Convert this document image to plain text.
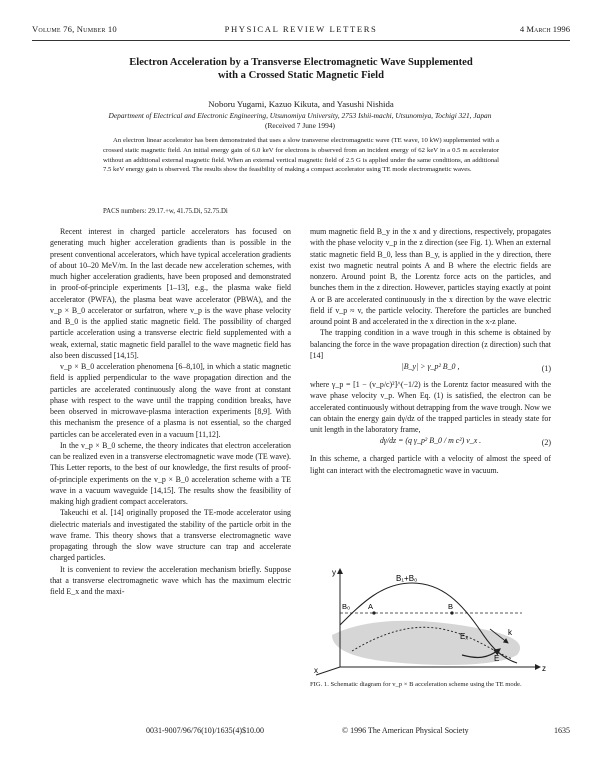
Volume 76, Number 10	PHYSICAL REVIEW LETTERS	4 March 1996
Electron Acceleration by a Transverse Electromagnetic Wave Supplemented
with a Crossed Static Magnetic Field
Noboru Yugami, Kazuo Kikuta, and Yasushi Nishida
Department of Electrical and Electronic Engineering, Utsunomiya University, 2753 Ishii-machi, Utsunomiya, Tochigi 321, Japan
(Received 7 June 1994)

An electron linear accelerator has been demonstrated that uses a slow transverse electromagnetic wave (TE wave, 10 kW) supplemented with a crossed static magnetic field. An initial energy gain of 6.0 keV for electrons is observed from an incident energy of 62 keV in a 0.5 m accelerator without an additional external magnetic field. When an external vertical magnetic field of 2.5 G is applied under the same conditions, an additional 7.5 keV energy gain is observed. The results show the feasibility of making a compact accelerator using TE mode electromagnetic waves.

PACS numbers: 29.17.+w, 41.75.Di, 52.75.Di

Recent interest in charged particle accelerators has focused on generating much higher acceleration gradients than is possible in the present conventional accelerators, which have typical acceleration gradients of about 10–20 MeV/m. In the last decade new acceleration schemes, with much higher acceleration gradients, have been proposed and demonstrated in proof-of-principle experiments [1–13], e.g., the plasma wake field accelerator (PWFA), the plasma beat wave accelerator (PBWA), and the v_p × B_0 accelerator or surfatron, where v_p is the wave phase velocity and B_0 is the applied static magnetic field. The possibility of charged particle acceleration using a transverse electric field supplemented with a weak, external, static magnetic field parallel to the wave magnetic field has also been discussed [14,15].

v_p × B_0 acceleration phenomena [6–8,10], in which a static magnetic field is applied perpendicular to the wave propagation direction and the particles are accelerated continuously along the wave front at constant phase with respect to the wave until the trapping condition breaks, have been observed in microwave-plasma interaction experiments [8,9]. With this mechanism the presence of a plasma is not essential, so the charged particles can be accelerated even in a vacuum [11,12].

In the v_p × B_0 scheme, the theory indicates that electron acceleration can be realized even in a transverse electromagnetic wave mode (TE wave). This Letter reports, to the best of our knowledge, the first results of proof-of-principle experiments on the v_p × B_0 acceleration scheme with a TE wave in a vacuum waveguide [14,15]. The results show the feasibility of making high gradient compact accelerators.

Takeuchi et al. [14] originally proposed the TE-mode accelerator using dielectric materials and investigated the stability of the particle orbit in the wave frame. This theory shows that a transverse electromagnetic wave propagating through the slow wave structure can trap and accelerate charged particles.

It is convenient to review the acceleration mechanism briefly. Suppose that a transverse electromagnetic wave which has the maximum electric field E_x and the maxi-

mum magnetic field B_y in the x and y directions, respectively, propagates with the phase velocity v_p in the z direction (see Fig. 1). When an external static magnetic field B_0, less than B_y, is applied in the y direction, there exist two magnetic neutral points A and B where the electric fields are nonzero. Around point B, the Lorentz force acts on the particles, and bunches them in the z direction. However, particles staying exactly at point A or B are accelerated continuously in the x direction by the wave electric field if v_p ≈ v, the particle velocity. Therefore the particles are bunched around point B and accelerated in the x direction in the x-z plane.

The trapping condition in a wave trough in this scheme is obtained by balancing the force in the wave propagation direction (z direction) such that [14]

|B_y| > γ_p² B_0 ,	(1)

where γ_p = [1 − (v_p/c)²]^(−1/2) is the Lorentz factor measured with the wave phase velocity v_p. When Eq. (1) is satisfied, the electron can be accelerated continuously without detrapping from the wave trough. Now we can obtain the energy gain dγ/dz of the trapped particles in steady state for unit length in the laboratory frame,

dγ/dz = (q γ_p² B_0 / m c²) v_x .	(2)

In this scheme, a charged particle with a velocity of almost the speed of light can interact with the electromagnetic wave in vacuum.

y
x	z
B₁+B₀
B₀ A	B
Eₓ	k
E
FIG. 1. Schematic diagram for v_p × B acceleration scheme using the TE mode.
0031-9007/96/76(10)/1635(4)$10.00	© 1996 The American Physical Society	1635
